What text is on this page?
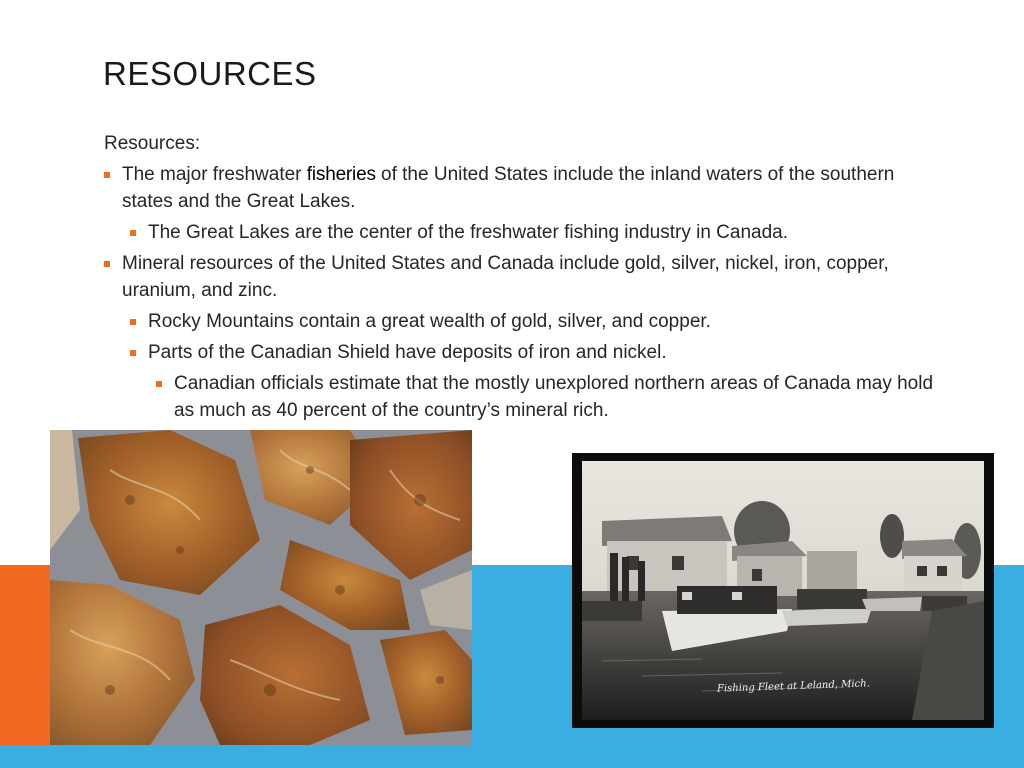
RESOURCES

Resources:

The major freshwater fisheries of the United States include the inland waters of the southern states and the Great Lakes.

The Great Lakes are the center of the freshwater fishing industry in Canada.

Mineral resources of the United States and Canada include gold, silver, nickel, iron, copper, uranium, and zinc.

Rocky Mountains contain a great wealth of gold, silver, and copper.

Parts of the Canadian Shield have deposits of iron and nickel.

Canadian officials estimate that the mostly unexplored northern areas of Canada may hold as much as 40 percent of the country’s mineral rich.

Fishing Fleet at Leland, Mich.
